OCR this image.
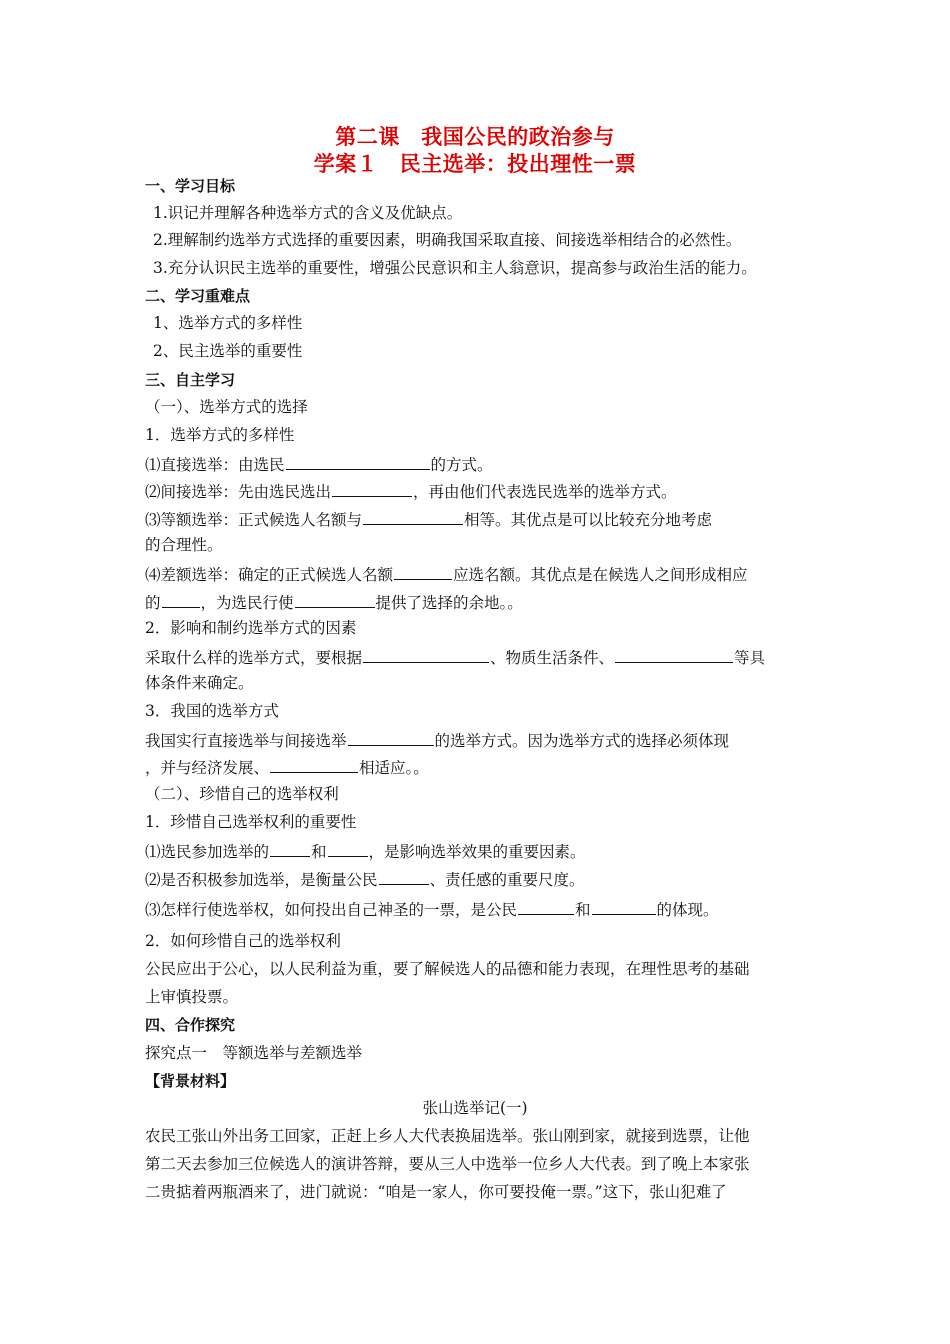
第二课　我国公民的政治参与
学案１　民主选举：投出理性一票
一、学习目标
1.识记并理解各种选举方式的含义及优缺点。
2.理解制约选举方式选择的重要因素，明确我国采取直接、间接选举相结合的必然性。
3.充分认识民主选举的重要性，增强公民意识和主人翁意识，提高参与政治生活的能力。
二、学习重难点
1、选举方式的多样性
2、民主选举的重要性
三、自主学习
（一）、选举方式的选择
1．选举方式的多样性
⑴直接选举：由选民	的方式。
⑵间接选举：先由选民选出	，再由他们代表选民选举的选举方式。
⑶等额选举：正式候选人名额与	相等。其优点是可以比较充分地考虑
的合理性。
⑷差额选举：确定的正式候选人名额	应选名额。其优点是在候选人之间形成相应
的	，为选民行使	提供了选择的余地。。
2．影响和制约选举方式的因素
采取什么样的选举方式，要根据	、物质生活条件、	等具
体条件来确定。
3．我国的选举方式
我国实行直接选举与间接选举	的选举方式。因为选举方式的选择必须体现
，并与经济发展、	相适应。。
（二）、珍惜自己的选举权利
1．珍惜自己选举权利的重要性
⑴选民参加选举的	和	，是影响选举效果的重要因素。
⑵是否积极参加选举，是衡量公民	、责任感的重要尺度。
⑶怎样行使选举权，如何投出自己神圣的一票，是公民	和	的体现。
2．如何珍惜自己的选举权利
公民应出于公心，以人民利益为重，要了解候选人的品德和能力表现，在理性思考的基础
上审慎投票。
四、合作探究
探究点一　等额选举与差额选举
【背景材料】
张山选举记(一)
农民工张山外出务工回家，正赶上乡人大代表换届选举。张山刚到家，就接到选票，让他
第二天去参加三位候选人的演讲答辩，要从三人中选举一位乡人大代表。到了晚上本家张
二贵掂着两瓶酒来了，进门就说：“咱是一家人，你可要投俺一票。”这下，张山犯难了
